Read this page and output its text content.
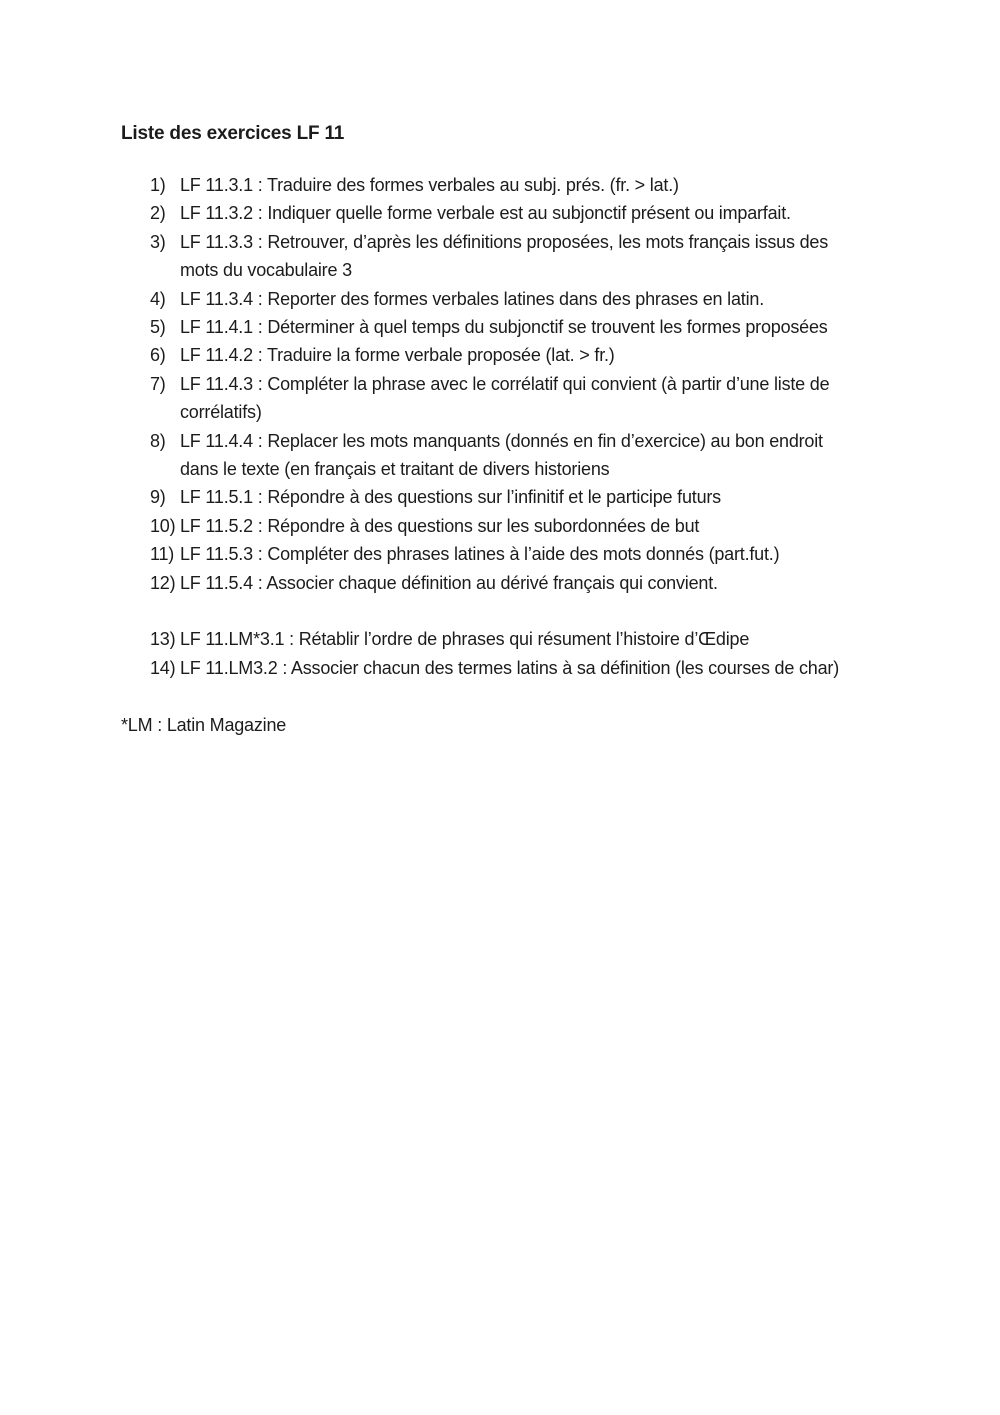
Liste des exercices LF 11
1) LF 11.3.1 : Traduire des formes verbales au subj. prés. (fr. > lat.)
2) LF 11.3.2 : Indiquer quelle forme verbale est au subjonctif présent ou imparfait.
3) LF 11.3.3 : Retrouver, d’après les définitions proposées, les mots français issus des
mots du vocabulaire 3
4) LF 11.3.4 : Reporter des formes verbales latines dans des phrases en latin.
5) LF 11.4.1 : Déterminer à quel temps du subjonctif se trouvent les formes proposées
6) LF 11.4.2 : Traduire la forme verbale proposée (lat. > fr.)
7) LF 11.4.3 : Compléter la phrase avec le corrélatif qui convient (à partir d’une liste de
corrélatifs)
8) LF 11.4.4 : Replacer les mots manquants (donnés en fin d’exercice) au bon endroit
dans le texte (en français et traitant de divers historiens
9) LF 11.5.1 : Répondre à des questions sur l’infinitif et le participe futurs
10) LF 11.5.2 : Répondre à des questions sur les subordonnées de but
11) LF 11.5.3 : Compléter des phrases latines à l’aide des mots donnés (part.fut.)
12) LF 11.5.4 : Associer chaque définition au dérivé français qui convient.
13) LF 11.LM*3.1 : Rétablir l’ordre de phrases qui résument l’histoire d’Œdipe
14) LF 11.LM3.2 : Associer chacun des termes latins à sa définition (les courses de char)

*LM : Latin Magazine
